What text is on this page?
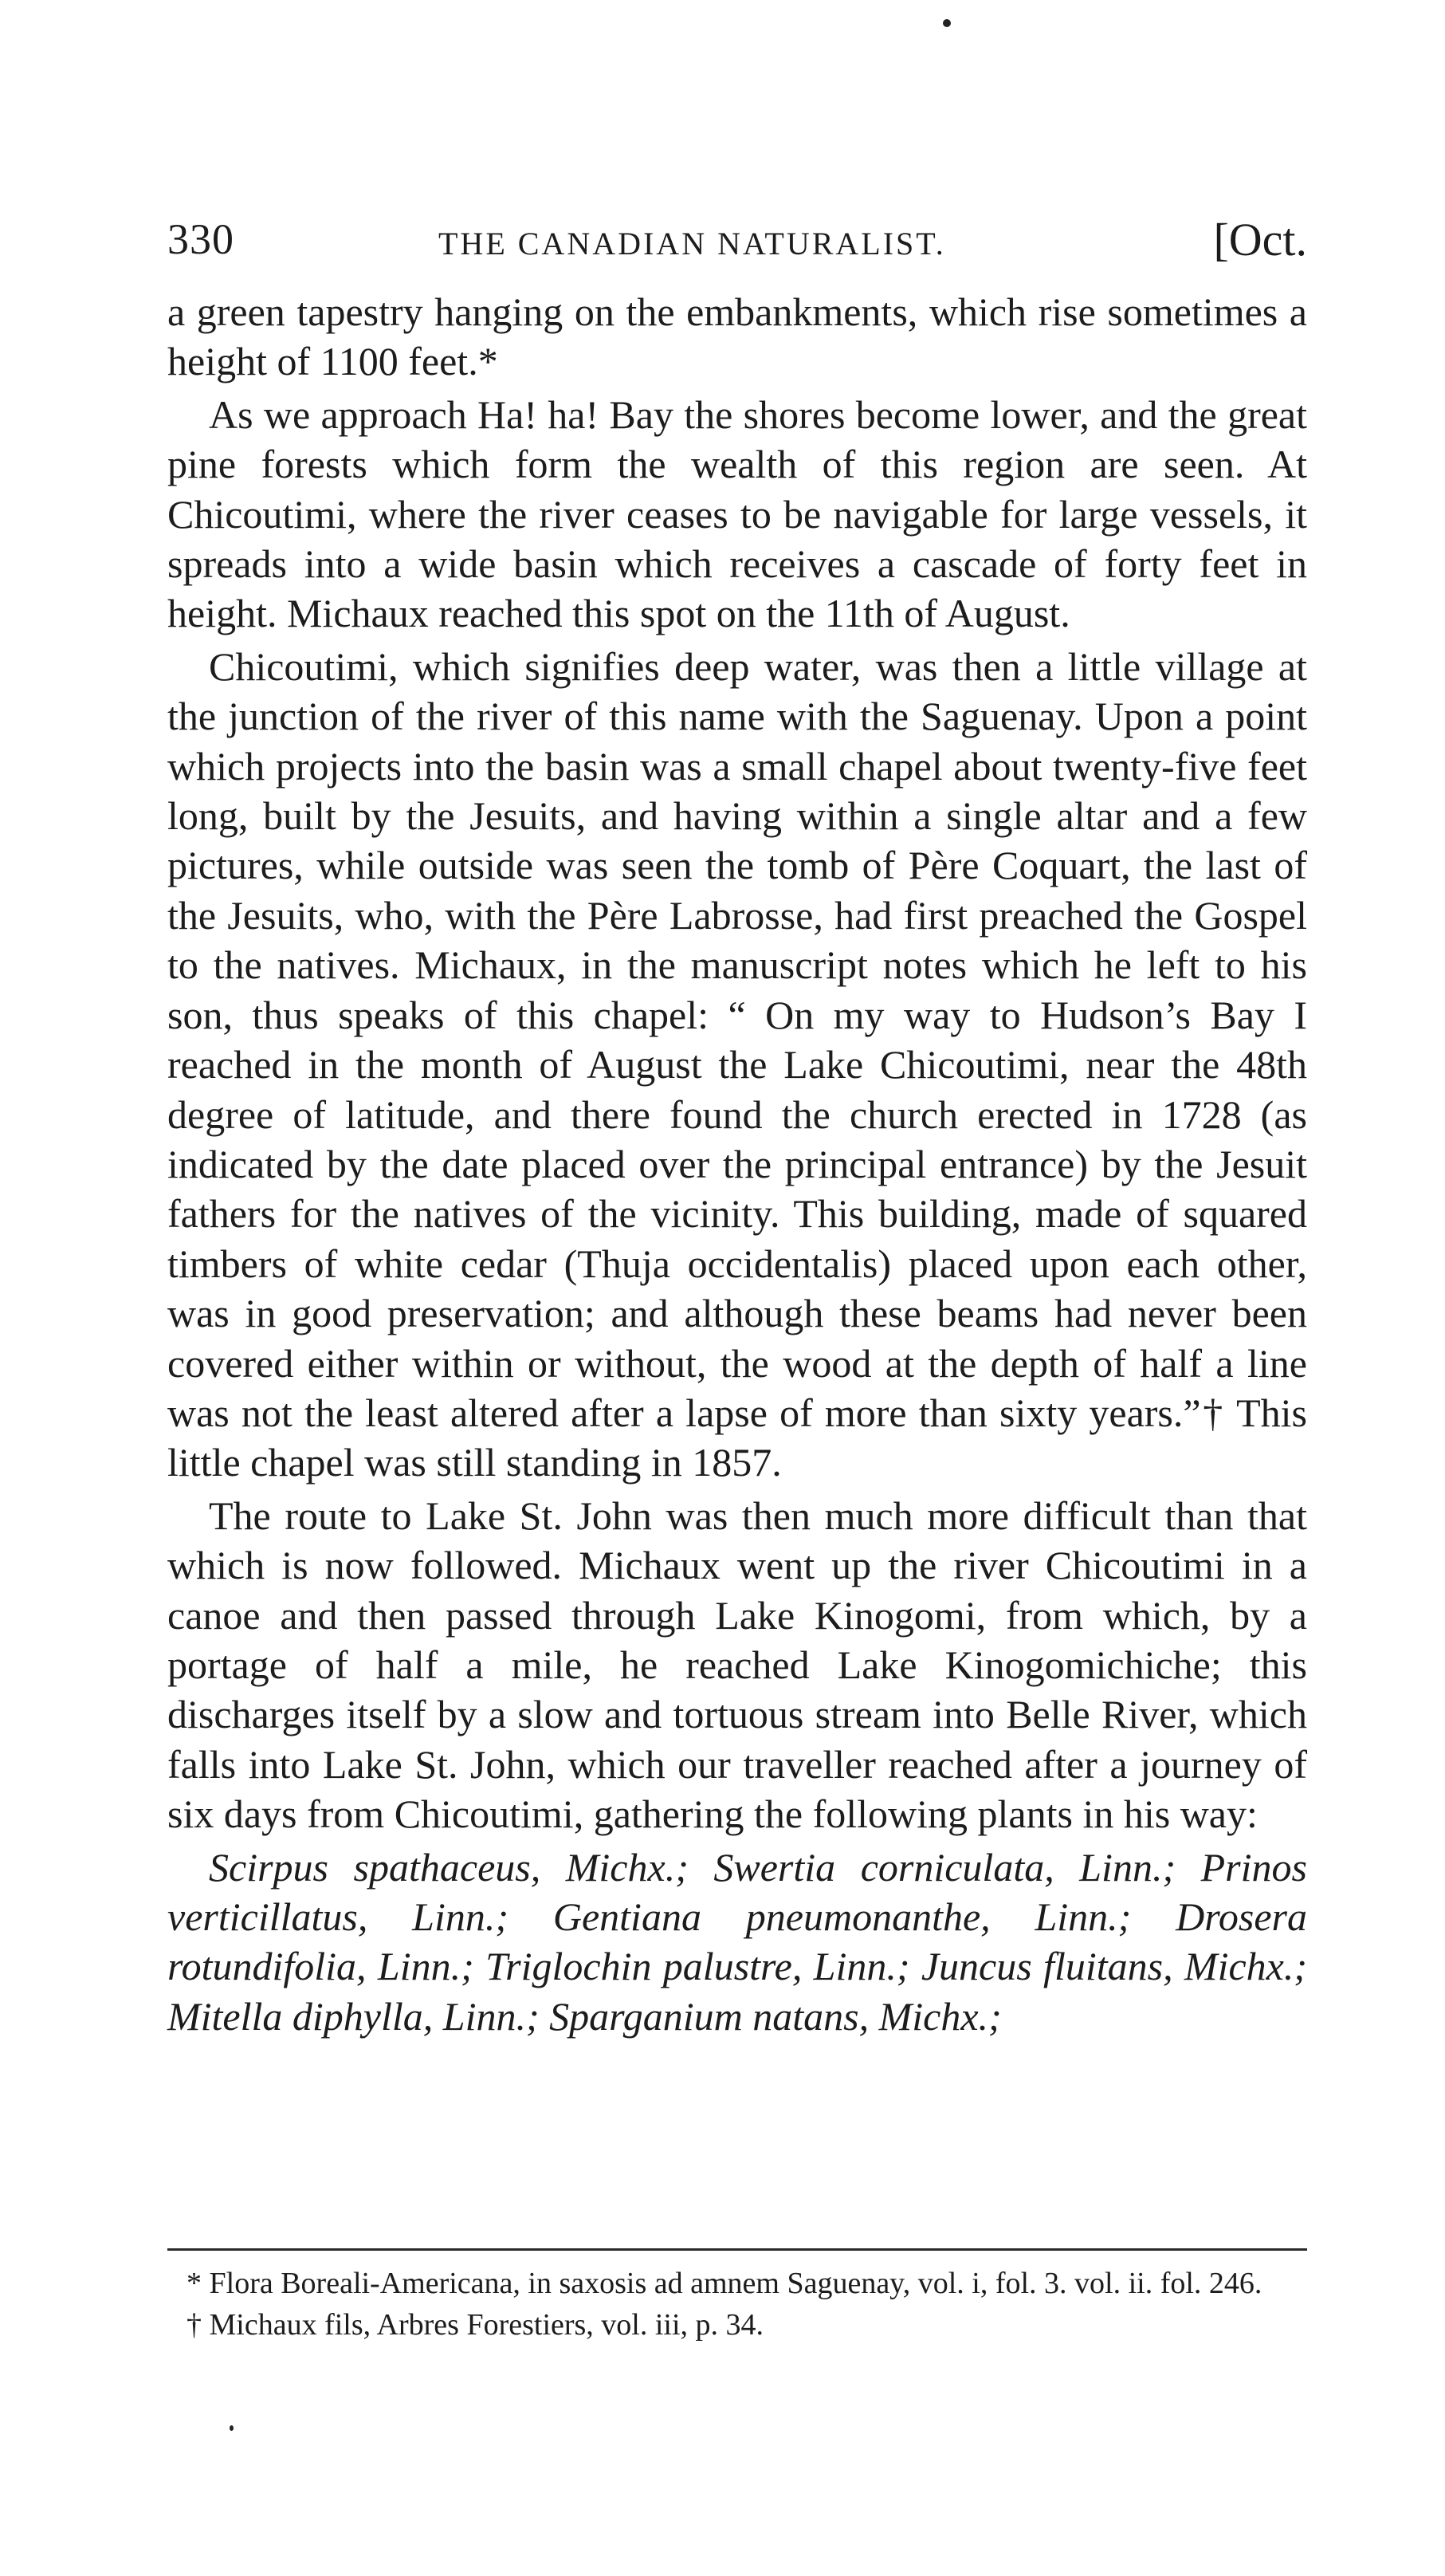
330	THE CANADIAN NATURALIST.	[Oct.

a green tapestry hanging on the embankments, which rise sometimes a height of 1100 feet.*

As we approach Ha! ha! Bay the shores become lower, and the great pine forests which form the wealth of this region are seen. At Chicoutimi, where the river ceases to be navigable for large vessels, it spreads into a wide basin which receives a cascade of forty feet in height. Michaux reached this spot on the 11th of August.

Chicoutimi, which signifies deep water, was then a little village at the junction of the river of this name with the Saguenay. Upon a point which projects into the basin was a small chapel about twenty-five feet long, built by the Jesuits, and having within a single altar and a few pictures, while outside was seen the tomb of Père Coquart, the last of the Jesuits, who, with the Père Labrosse, had first preached the Gospel to the natives. Michaux, in the manuscript notes which he left to his son, thus speaks of this chapel: “ On my way to Hudson’s Bay I reached in the month of August the Lake Chicoutimi, near the 48th degree of latitude, and there found the church erected in 1728 (as indicated by the date placed over the principal entrance) by the Jesuit fathers for the natives of the vicinity. This building, made of squared timbers of white cedar (Thuja occidentalis) placed upon each other, was in good preservation; and although these beams had never been covered either within or without, the wood at the depth of half a line was not the least altered after a lapse of more than sixty years.”† This little chapel was still standing in 1857.

The route to Lake St. John was then much more difficult than that which is now followed. Michaux went up the river Chicoutimi in a canoe and then passed through Lake Kinogomi, from which, by a portage of half a mile, he reached Lake Kinogomichiche; this discharges itself by a slow and tortuous stream into Belle River, which falls into Lake St. John, which our traveller reached after a journey of six days from Chicoutimi, gathering the following plants in his way:

Scirpus spathaceus, Michx.; Swertia corniculata, Linn.; Prinos verticillatus, Linn.; Gentiana pneumonanthe, Linn.; Drosera rotundifolia, Linn.; Triglochin palustre, Linn.; Juncus fluitans, Michx.; Mitella diphylla, Linn.; Sparganium natans, Michx.;

* Flora Boreali-Americana, in saxosis ad amnem Saguenay, vol. i, fol. 3. vol. ii. fol. 246.

† Michaux fils, Arbres Forestiers, vol. iii, p. 34.
